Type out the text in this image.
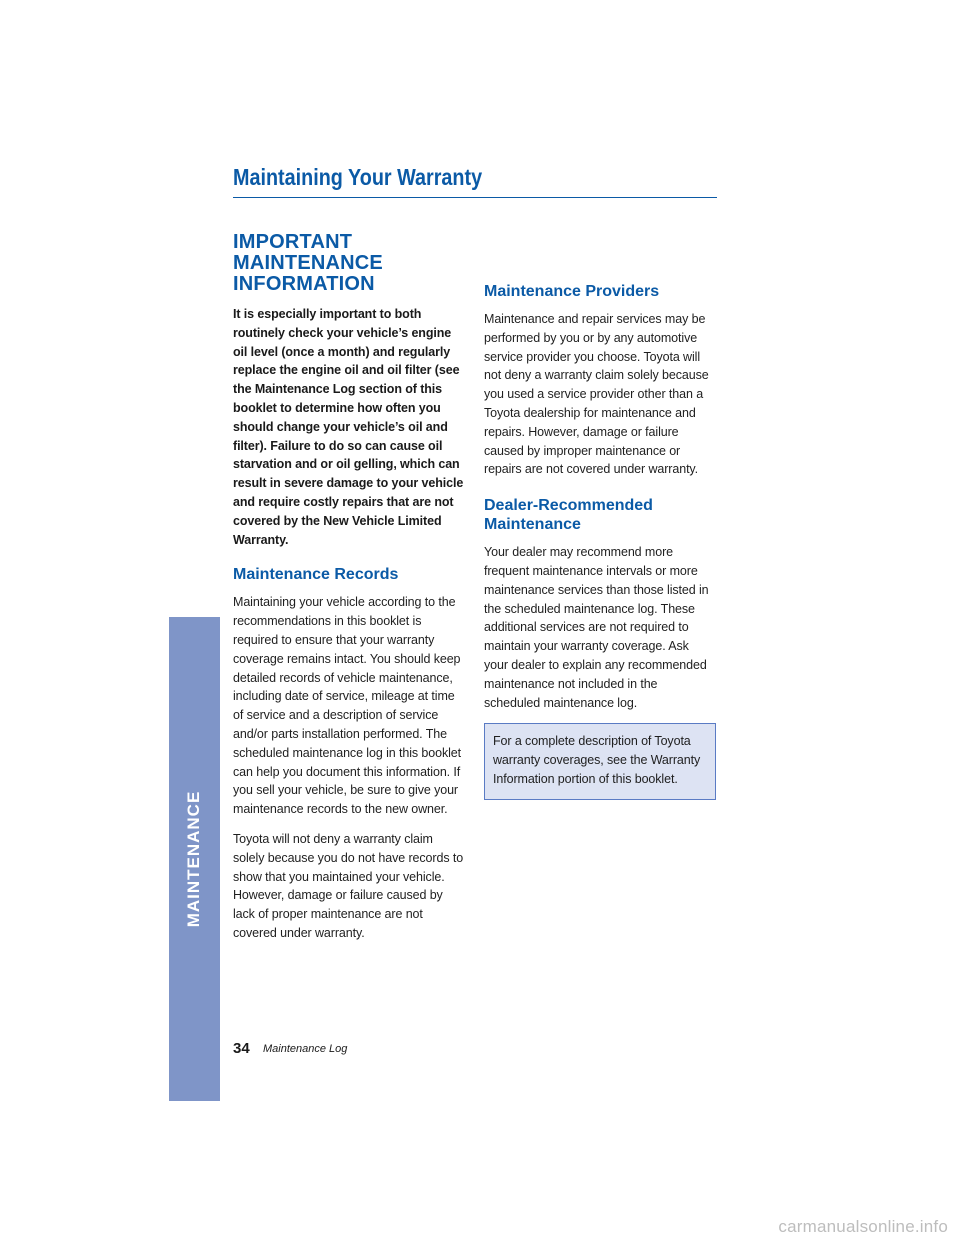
Maintaining Your Warranty
IMPORTANT MAINTENANCE
INFORMATION

It is especially important to both routinely check your vehicle’s engine oil level (once a month) and regularly replace the engine oil and oil filter (see the Maintenance Log section of this booklet to determine how often you should change your vehicle’s oil and filter). Failure to do so can cause oil starvation and or oil gelling, which can result in severe damage to your vehicle and require costly repairs that are not covered by the New Vehicle Limited Warranty.

Maintenance Records

Maintaining your vehicle according to the recommendations in this booklet is required to ensure that your warranty coverage remains intact. You should keep detailed records of vehicle maintenance, including date of service, mileage at time of service and a description of service and/or parts installation performed. The scheduled maintenance log in this booklet can help you document this information. If you sell your vehicle, be sure to give your maintenance records to the new owner.

Toyota will not deny a warranty claim solely because you do not have records to show that you maintained your vehicle. However, damage or failure caused by lack of proper maintenance are not covered under warranty.

Maintenance Providers

Maintenance and repair services may be performed by you or by any automotive service provider you choose. Toyota will not deny a warranty claim solely because you used a service provider other than a Toyota dealership for maintenance and repairs. However, damage or failure caused by improper maintenance or repairs are not covered under warranty.

Dealer-Recommended
Maintenance

Your dealer may recommend more frequent maintenance intervals or more maintenance services than those listed in the scheduled maintenance log. These additional services are not required to maintain your warranty coverage. Ask your dealer to explain any recommended maintenance not included in the scheduled maintenance log.

For a complete description of Toyota warranty coverages, see the Warranty Information portion of this booklet.

MAINTENANCE
34 Maintenance Log
carmanualsonline.info
